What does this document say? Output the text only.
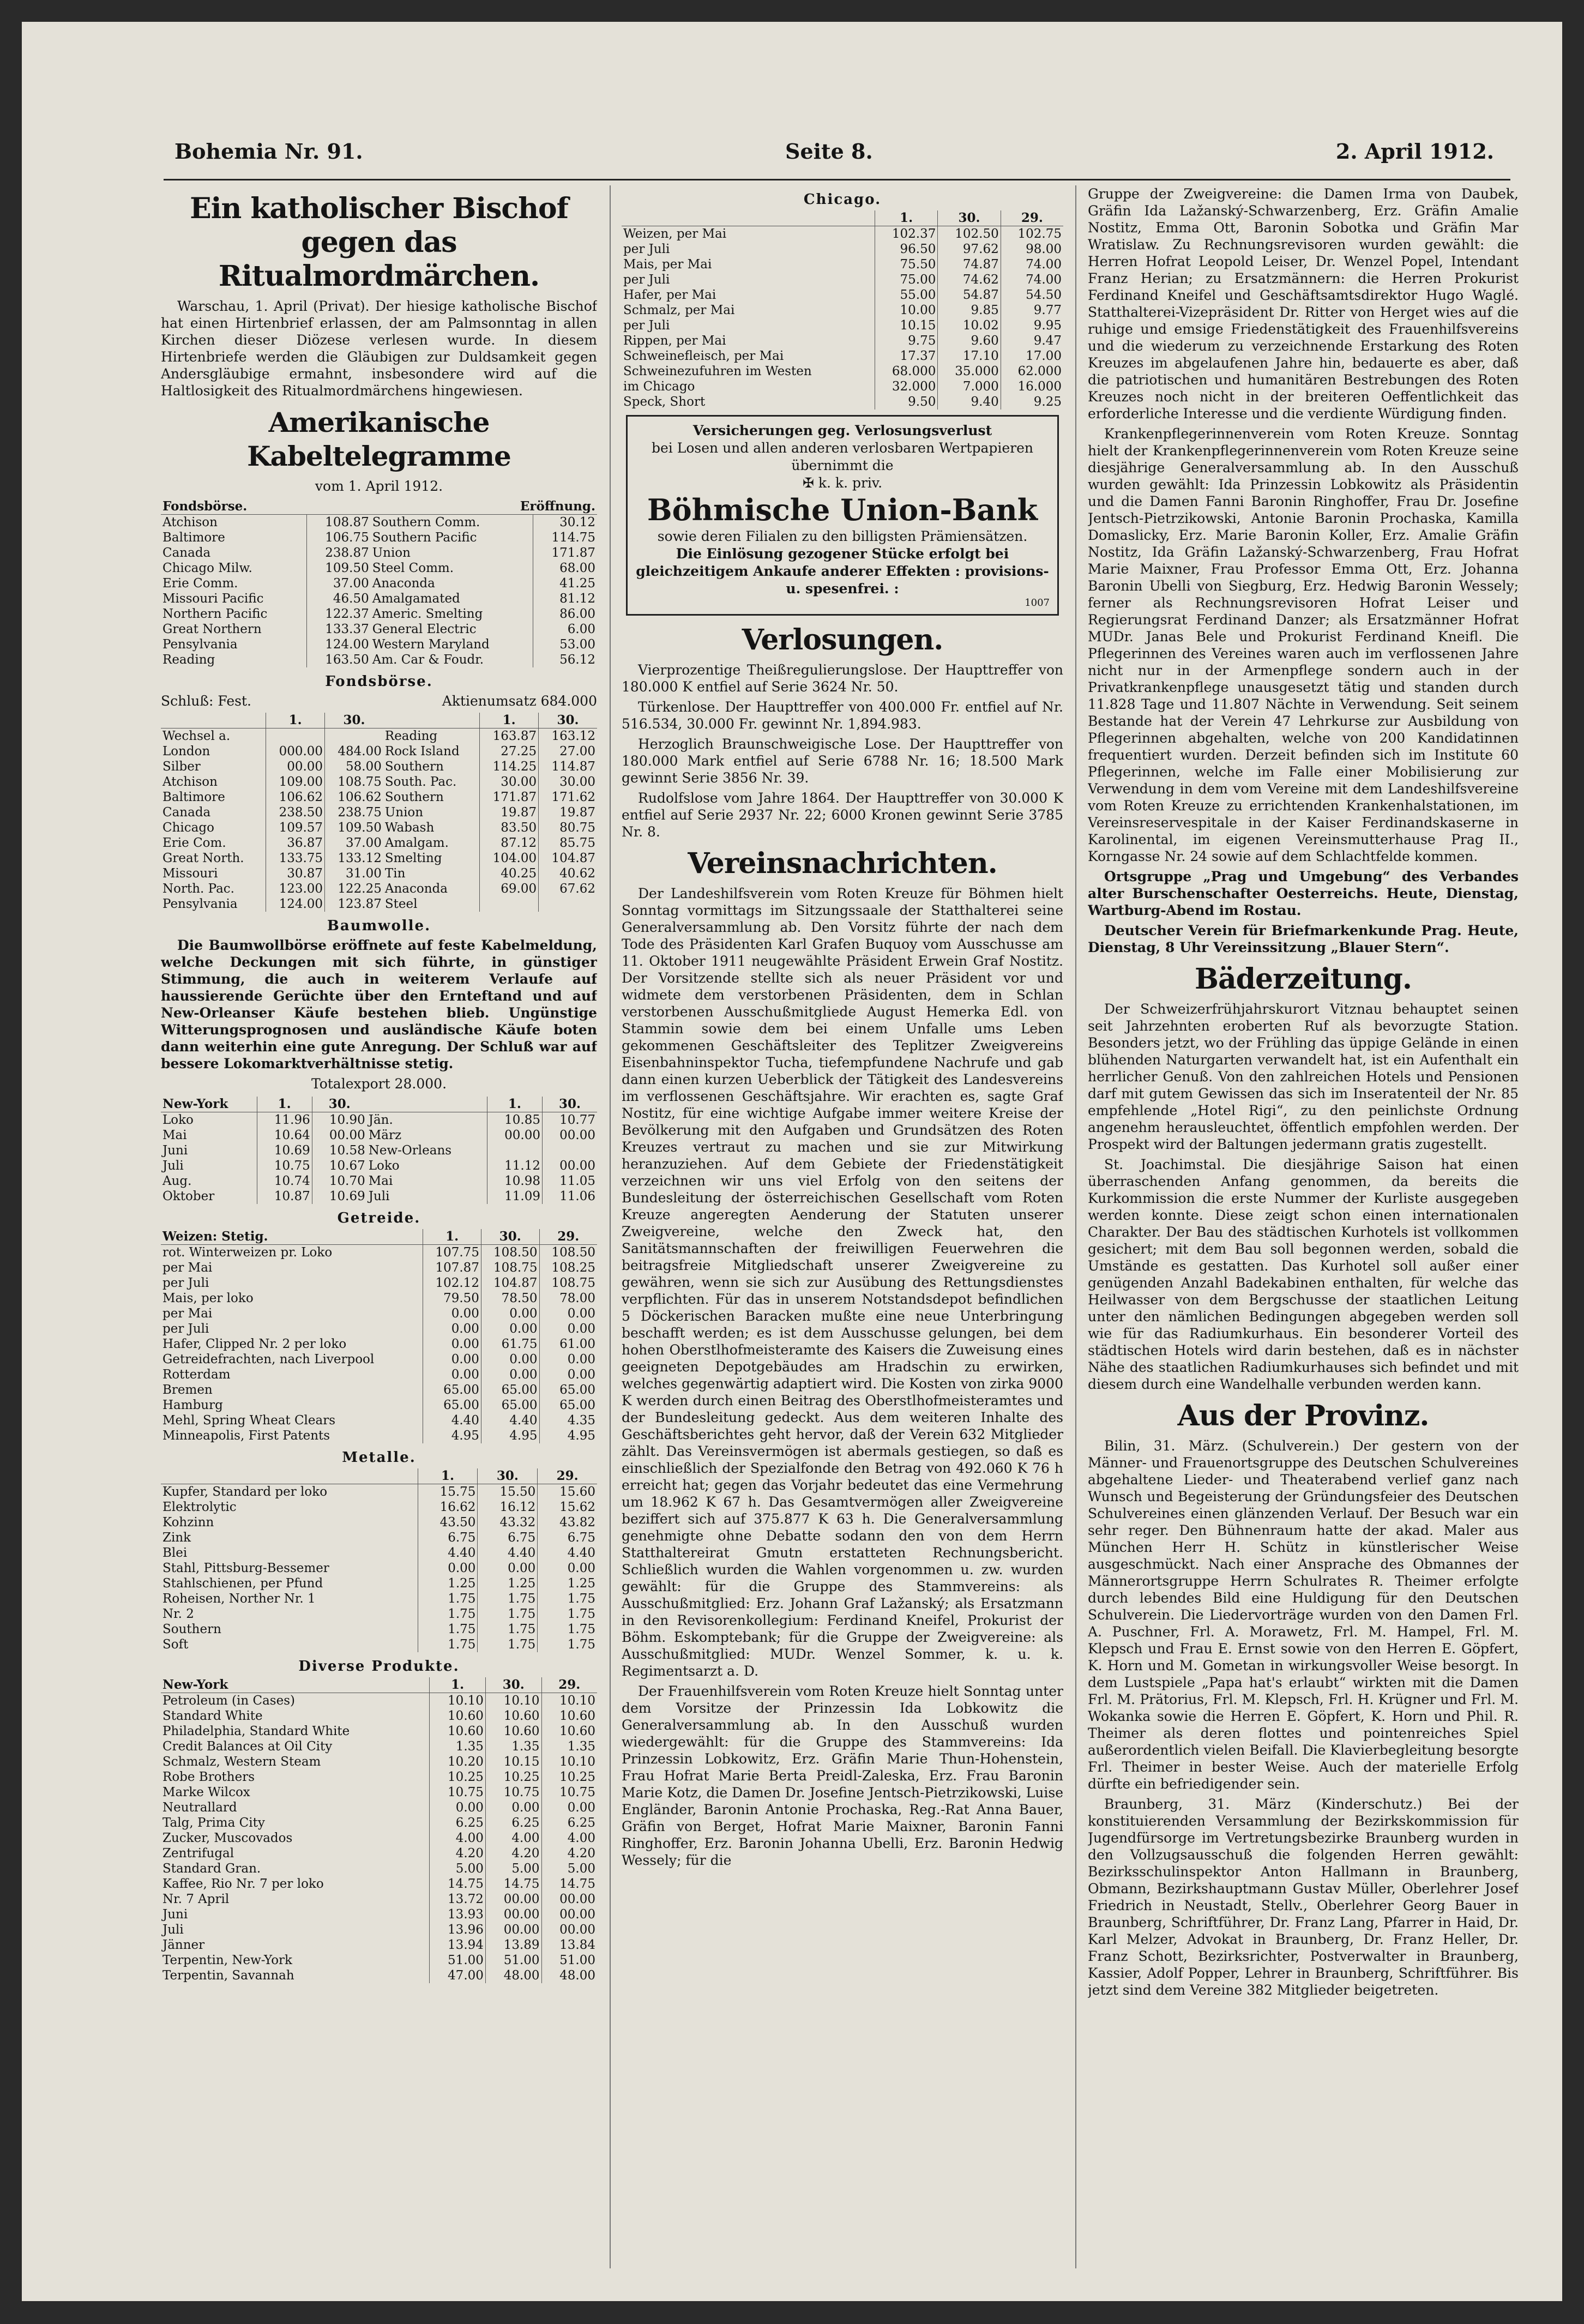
Bohemia Nr. 91.	Seite 8.	2. April 1912.
Ein katholischer Bischof gegen das Ritualmordmärchen.

Warschau, 1. April (Privat). Der hiesige katholische Bischof hat einen Hirtenbrief erlassen, der am Palmsonntag in allen Kirchen dieser Diözese verlesen wurde. In diesem Hirtenbriefe werden die Gläubigen zur Duldsamkeit gegen Andersgläubige ermahnt, insbesondere wird auf die Haltlosigkeit des Ritualmordmärchens hingewiesen.

Amerikanische Kabeltelegramme
vom 1. April 1912.
Fondsbörse.		Eröffnung.	
Atchison	108.87	Southern Comm.	30.12
Baltimore	106.75	Southern Pacific	114.75
Canada	238.87	Union	171.87
Chicago Milw.	109.50	Steel Comm.	68.00
Erie Comm.	37.00	Anaconda	41.25
Missouri Pacific	46.50	Amalgamated	81.12
Northern Pacific	122.37	Americ. Smelting	86.00
Great Northern	133.37	General Electric	6.00
Pensylvania	124.00	Western Maryland	53.00
Reading	163.50	Am. Car & Foudr.	56.12
Fondsbörse.
Schluß: Fest.	Aktienumsatz 684.000
	1.	30.		1.	30.
Wechsel a.			Reading	163.87	163.12
London	000.00	484.00	Rock Island	27.25	27.00
Silber	00.00	58.00	Southern	114.25	114.87
Atchison	109.00	108.75	South. Pac.	30.00	30.00
Baltimore	106.62	106.62	Southern	171.87	171.62
Canada	238.50	238.75	Union	19.87	19.87
Chicago	109.57	109.50	Wabash	83.50	80.75
Erie Com.	36.87	37.00	Amalgam.	87.12	85.75
Great North.	133.75	133.12	Smelting	104.00	104.87
Missouri	30.87	31.00	Tin	40.25	40.62
North. Pac.	123.00	122.25	Anaconda	69.00	67.62
Pensylvania	124.00	123.87	Steel		
Baumwolle.

Die Baumwollbörse eröffnete auf feste Kabelmeldung, welche Deckungen mit sich führte, in günstiger Stimmung, die auch in weiterem Verlaufe auf haussierende Gerüchte über den Ernteftand und auf New-Orleanser Käufe bestehen blieb. Ungünstige Witterungsprognosen und ausländische Käufe boten dann weiterhin eine gute Anregung. Der Schluß war auf bessere Lokomarktverhältnisse stetig.

Totalexport 28.000.
New-York	1.	30.		1.	30.
Loko	11.96	10.90	Jän.	10.85	10.77
Mai	10.64	00.00	März	00.00	00.00
Juni	10.69	10.58	New-Orleans		
Juli	10.75	10.67	Loko	11.12	00.00
Aug.	10.74	10.70	Mai	10.98	11.05
Oktober	10.87	10.69	Juli	11.09	11.06
Getreide.
Weizen: Stetig.	1.	30.	29.
rot. Winterweizen pr. Loko	107.75	108.50	108.50
per Mai	107.87	108.75	108.25
per Juli	102.12	104.87	108.75
Mais, per loko	79.50	78.50	78.00
per Mai	0.00	0.00	0.00
per Juli	0.00	0.00	0.00
Hafer, Clipped Nr. 2 per loko	0.00	61.75	61.00
Getreidefrachten, nach Liverpool	0.00	0.00	0.00
Rotterdam	0.00	0.00	0.00
Bremen	65.00	65.00	65.00
Hamburg	65.00	65.00	65.00
Mehl, Spring Wheat Clears	4.40	4.40	4.35
Minneapolis, First Patents	4.95	4.95	4.95
Metalle.
	1.	30.	29.
Kupfer, Standard per loko	15.75	15.50	15.60
Elektrolytic	16.62	16.12	15.62
Kohzinn	43.50	43.32	43.82
Zink	6.75	6.75	6.75
Blei	4.40	4.40	4.40
Stahl, Pittsburg-Bessemer	0.00	0.00	0.00
Stahlschienen, per Pfund	1.25	1.25	1.25
Roheisen, Norther Nr. 1	1.75	1.75	1.75
Nr. 2	1.75	1.75	1.75
Southern	1.75	1.75	1.75
Soft	1.75	1.75	1.75
Diverse Produkte.
New-York	1.	30.	29.
Petroleum (in Cases)	10.10	10.10	10.10
Standard White	10.60	10.60	10.60
Philadelphia, Standard White	10.60	10.60	10.60
Credit Balances at Oil City	1.35	1.35	1.35
Schmalz, Western Steam	10.20	10.15	10.10
Robe Brothers	10.25	10.25	10.25
Marke Wilcox	10.75	10.75	10.75
Neutrallard	0.00	0.00	0.00
Talg, Prima City	6.25	6.25	6.25
Zucker, Muscovados	4.00	4.00	4.00
Zentrifugal	4.20	4.20	4.20
Standard Gran.	5.00	5.00	5.00
Kaffee, Rio Nr. 7 per loko	14.75	14.75	14.75
Nr. 7 April	13.72	00.00	00.00
Juni	13.93	00.00	00.00
Juli	13.96	00.00	00.00
Jänner	13.94	13.89	13.84
Terpentin, New-York	51.00	51.00	51.00
Terpentin, Savannah	47.00	48.00	48.00
Chicago.
	1.	30.	29.
Weizen, per Mai	102.37	102.50	102.75
per Juli	96.50	97.62	98.00
Mais, per Mai	75.50	74.87	74.00
per Juli	75.00	74.62	74.00
Hafer, per Mai	55.00	54.87	54.50
Schmalz, per Mai	10.00	9.85	9.77
per Juli	10.15	10.02	9.95
Rippen, per Mai	9.75	9.60	9.47
Schweinefleisch, per Mai	17.37	17.10	17.00
Schweinezufuhren im Westen	68.000	35.000	62.000
im Chicago	32.000	7.000	16.000
Speck, Short	9.50	9.40	9.25
Versicherungen geg. Verlosungsverlust
bei Losen und allen anderen verlosbaren Wertpapieren übernimmt die
✠ k. k. priv.
Böhmische Union-Bank
sowie deren Filialen zu den billigsten Prämiensätzen.
Die Einlösung gezogener Stücke erfolgt bei gleichzeitigem Ankaufe anderer Effekten : provisions- u. spesenfrei. :
1007
Verlosungen.

Vierprozentige Theißregulierungslose. Der Haupttreffer von 180.000 K entfiel auf Serie 3624 Nr. 50.

Türkenlose. Der Haupttreffer von 400.000 Fr. entfiel auf Nr. 516.534, 30.000 Fr. gewinnt Nr. 1,894.983.

Herzoglich Braunschweigische Lose. Der Haupttreffer von 180.000 Mark entfiel auf Serie 6788 Nr. 16; 18.500 Mark gewinnt Serie 3856 Nr. 39.

Rudolfslose vom Jahre 1864. Der Haupttreffer von 30.000 K entfiel auf Serie 2937 Nr. 22; 6000 Kronen gewinnt Serie 3785 Nr. 8.

Vereinsnachrichten.

Der Landeshilfsverein vom Roten Kreuze für Böhmen hielt Sonntag vormittags im Sitzungssaale der Statthalterei seine Generalversammlung ab. Den Vorsitz führte der nach dem Tode des Präsidenten Karl Grafen Buquoy vom Ausschusse am 11. Oktober 1911 neugewählte Präsident Erwein Graf Nostitz. Der Vorsitzende stellte sich als neuer Präsident vor und widmete dem verstorbenen Präsidenten, dem in Schlan verstorbenen Ausschußmitgliede August Hemerka Edl. von Stammin sowie dem bei einem Unfalle ums Leben gekommenen Geschäftsleiter des Teplitzer Zweigvereins Eisenbahninspektor Tucha, tiefempfundene Nachrufe und gab dann einen kurzen Ueberblick der Tätigkeit des Landesvereins im verflossenen Geschäftsjahre. Wir erachten es, sagte Graf Nostitz, für eine wichtige Aufgabe immer weitere Kreise der Bevölkerung mit den Aufgaben und Grundsätzen des Roten Kreuzes vertraut zu machen und sie zur Mitwirkung heranzuziehen. Auf dem Gebiete der Friedenstätigkeit verzeichnen wir uns viel Erfolg von den seitens der Bundesleitung der österreichischen Gesellschaft vom Roten Kreuze angeregten Aenderung der Statuten unserer Zweigvereine, welche den Zweck hat, den Sanitätsmannschaften der freiwilligen Feuerwehren die beitragsfreie Mitgliedschaft unserer Zweigvereine zu gewähren, wenn sie sich zur Ausübung des Rettungsdienstes verpflichten. Für das in unserem Notstandsdepot befindlichen 5 Döckerischen Baracken mußte eine neue Unterbringung beschafft werden; es ist dem Ausschusse gelungen, bei dem hohen Oberstlhofmeisteramte des Kaisers die Zuweisung eines geeigneten Depotgebäudes am Hradschin zu erwirken, welches gegenwärtig adaptiert wird. Die Kosten von zirka 9000 K werden durch einen Beitrag des Oberstlhofmeisteramtes und der Bundesleitung gedeckt. Aus dem weiteren Inhalte des Geschäftsberichtes geht hervor, daß der Verein 632 Mitglieder zählt. Das Vereinsvermögen ist abermals gestiegen, so daß es einschließlich der Spezialfonde den Betrag von 492.060 K 76 h erreicht hat; gegen das Vorjahr bedeutet das eine Vermehrung um 18.962 K 67 h. Das Gesamtvermögen aller Zweigvereine beziffert sich auf 375.877 K 63 h. Die Generalversammlung genehmigte ohne Debatte sodann den von dem Herrn Statthaltereirat Gmutn erstatteten Rechnungsbericht. Schließlich wurden die Wahlen vorgenommen u. zw. wurden gewählt: für die Gruppe des Stammvereins: als Ausschußmitglied: Erz. Johann Graf Lažanský; als Ersatzmann in den Revisorenkollegium: Ferdinand Kneifel, Prokurist der Böhm. Eskomptebank; für die Gruppe der Zweigvereine: als Ausschußmitglied: MUDr. Wenzel Sommer, k. u. k. Regimentsarzt a. D.

Der Frauenhilfsverein vom Roten Kreuze hielt Sonntag unter dem Vorsitze der Prinzessin Ida Lobkowitz die Generalversammlung ab. In den Ausschuß wurden wiedergewählt: für die Gruppe des Stammvereins: Ida Prinzessin Lobkowitz, Erz. Gräfin Marie Thun-Hohenstein, Frau Hofrat Marie Berta Preidl-Zaleska, Erz. Frau Baronin Marie Kotz, die Damen Dr. Josefine Jentsch-Pietrzikowski, Luise Engländer, Baronin Antonie Prochaska, Reg.-Rat Anna Bauer, Gräfin von Berget, Hofrat Marie Maixner, Baronin Fanni Ringhoffer, Erz. Baronin Johanna Ubelli, Erz. Baronin Hedwig Wessely; für die

Gruppe der Zweigvereine: die Damen Irma von Daubek, Gräfin Ida Lažanský-Schwarzenberg, Erz. Gräfin Amalie Nostitz, Emma Ott, Baronin Sobotka und Gräfin Mar Wratislaw. Zu Rechnungsrevisoren wurden gewählt: die Herren Hofrat Leopold Leiser, Dr. Wenzel Popel, Intendant Franz Herian; zu Ersatzmännern: die Herren Prokurist Ferdinand Kneifel und Geschäftsamtsdirektor Hugo Waglé. Statthalterei-Vizepräsident Dr. Ritter von Herget wies auf die ruhige und emsige Friedenstätigkeit des Frauenhilfsvereins und die wiederum zu verzeichnende Erstarkung des Roten Kreuzes im abgelaufenen Jahre hin, bedauerte es aber, daß die patriotischen und humanitären Bestrebungen des Roten Kreuzes noch nicht in der breiteren Oeffentlichkeit das erforderliche Interesse und die verdiente Würdigung finden.

Krankenpflegerinnenverein vom Roten Kreuze. Sonntag hielt der Krankenpflegerinnenverein vom Roten Kreuze seine diesjährige Generalversammlung ab. In den Ausschuß wurden gewählt: Ida Prinzessin Lobkowitz als Präsidentin und die Damen Fanni Baronin Ringhoffer, Frau Dr. Josefine Jentsch-Pietrzikowski, Antonie Baronin Prochaska, Kamilla Domaslicky, Erz. Marie Baronin Koller, Erz. Amalie Gräfin Nostitz, Ida Gräfin Lažanský-Schwarzenberg, Frau Hofrat Marie Maixner, Frau Professor Emma Ott, Erz. Johanna Baronin Ubelli von Siegburg, Erz. Hedwig Baronin Wessely; ferner als Rechnungsrevisoren Hofrat Leiser und Regierungsrat Ferdinand Danzer; als Ersatzmänner Hofrat MUDr. Janas Bele und Prokurist Ferdinand Kneifl. Die Pflegerinnen des Vereines waren auch im verflossenen Jahre nicht nur in der Armenpflege sondern auch in der Privatkrankenpflege unausgesetzt tätig und standen durch 11.828 Tage und 11.807 Nächte in Verwendung. Seit seinem Bestande hat der Verein 47 Lehrkurse zur Ausbildung von Pflegerinnen abgehalten, welche von 200 Kandidatinnen frequentiert wurden. Derzeit befinden sich im Institute 60 Pflegerinnen, welche im Falle einer Mobilisierung zur Verwendung in dem vom Vereine mit dem Landeshilfsvereine vom Roten Kreuze zu errichtenden Krankenhalstationen, im Vereinsreservespitale in der Kaiser Ferdinandskaserne in Karolinental, im eigenen Vereinsmutterhause Prag II., Korngasse Nr. 24 sowie auf dem Schlachtfelde kommen.

Ortsgruppe „Prag und Umgebung“ des Verbandes alter Burschenschafter Oesterreichs. Heute, Dienstag, Wartburg-Abend im Rostau.

Deutscher Verein für Briefmarkenkunde Prag. Heute, Dienstag, 8 Uhr Vereinssitzung „Blauer Stern“.

Bäderzeitung.

Der Schweizerfrühjahrskurort Vitznau behauptet seinen seit Jahrzehnten eroberten Ruf als bevorzugte Station. Besonders jetzt, wo der Frühling das üppige Gelände in einen blühenden Naturgarten verwandelt hat, ist ein Aufenthalt ein herrlicher Genuß. Von den zahlreichen Hotels und Pensionen darf mit gutem Gewissen das sich im Inseratenteil der Nr. 85 empfehlende „Hotel Rigi“, zu den peinlichste Ordnung angenehm herausleuchtet, öffentlich empfohlen werden. Der Prospekt wird der Baltungen jedermann gratis zugestellt.

St. Joachimstal. Die diesjährige Saison hat einen überraschenden Anfang genommen, da bereits die Kurkommission die erste Nummer der Kurliste ausgegeben werden konnte. Diese zeigt schon einen internationalen Charakter. Der Bau des städtischen Kurhotels ist vollkommen gesichert; mit dem Bau soll begonnen werden, sobald die Umstände es gestatten. Das Kurhotel soll außer einer genügenden Anzahl Badekabinen enthalten, für welche das Heilwasser von dem Bergschusse der staatlichen Leitung unter den nämlichen Bedingungen abgegeben werden soll wie für das Radiumkurhaus. Ein besonderer Vorteil des städtischen Hotels wird darin bestehen, daß es in nächster Nähe des staatlichen Radiumkurhauses sich befindet und mit diesem durch eine Wandelhalle verbunden werden kann.

Aus der Provinz.

Bilin, 31. März. (Schulverein.) Der gestern von der Männer- und Frauenortsgruppe des Deutschen Schulvereines abgehaltene Lieder- und Theaterabend verlief ganz nach Wunsch und Begeisterung der Gründungsfeier des Deutschen Schulvereines einen glänzenden Verlauf. Der Besuch war ein sehr reger. Den Bühnenraum hatte der akad. Maler aus München Herr H. Schütz in künstlerischer Weise ausgeschmückt. Nach einer Ansprache des Obmannes der Männerortsgruppe Herrn Schulrates R. Theimer erfolgte durch lebendes Bild eine Huldigung für den Deutschen Schulverein. Die Liedervorträge wurden von den Damen Frl. A. Puschner, Frl. A. Morawetz, Frl. M. Hampel, Frl. M. Klepsch und Frau E. Ernst sowie von den Herren E. Göpfert, K. Horn und M. Gometan in wirkungsvoller Weise besorgt. In dem Lustspiele „Papa hat's erlaubt“ wirkten mit die Damen Frl. M. Prätorius, Frl. M. Klepsch, Frl. H. Krügner und Frl. M. Wokanka sowie die Herren E. Göpfert, K. Horn und Phil. R. Theimer als deren flottes und pointenreiches Spiel außerordentlich vielen Beifall. Die Klavierbegleitung besorgte Frl. Theimer in bester Weise. Auch der materielle Erfolg dürfte ein befriedigender sein.

Braunberg, 31. März (Kinderschutz.) Bei der konstituierenden Versammlung der Bezirkskommission für Jugendfürsorge im Vertretungsbezirke Braunberg wurden in den Vollzugsausschuß die folgenden Herren gewählt: Bezirksschulinspektor Anton Hallmann in Braunberg, Obmann, Bezirkshauptmann Gustav Müller, Oberlehrer Josef Friedrich in Neustadt, Stellv., Oberlehrer Georg Bauer in Braunberg, Schriftführer, Dr. Franz Lang, Pfarrer in Haid, Dr. Karl Melzer, Advokat in Braunberg, Dr. Franz Heller, Dr. Franz Schott, Bezirksrichter, Postverwalter in Braunberg, Kassier, Adolf Popper, Lehrer in Braunberg, Schriftführer. Bis jetzt sind dem Vereine 382 Mitglieder beigetreten.
